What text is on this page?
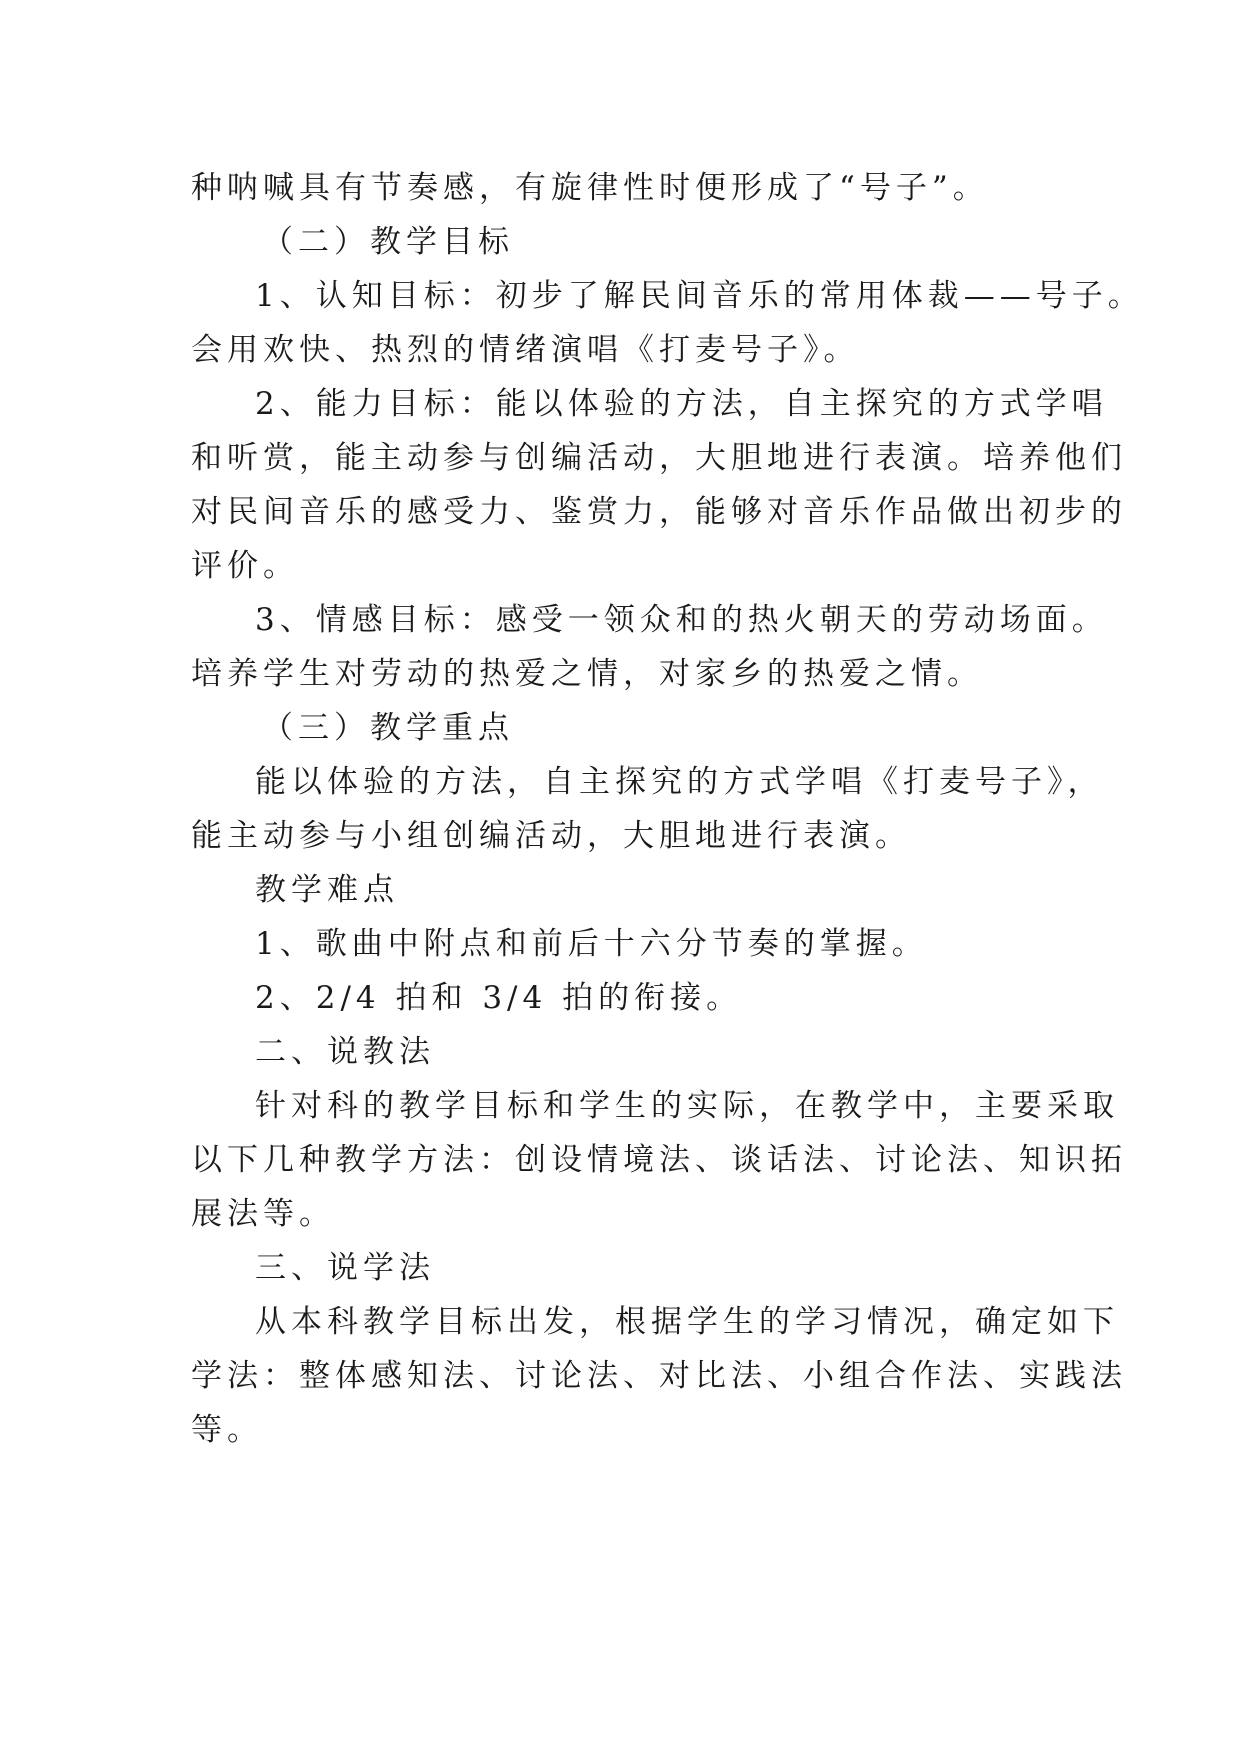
种呐喊具有节奏感，有旋律性时便形成了“号子”。
（二）教学目标
1、认知目标：初步了解民间音乐的常用体裁——号子。
会用欢快、热烈的情绪演唱《打麦号子》。
2、能力目标：能以体验的方法，自主探究的方式学唱
和听赏，能主动参与创编活动，大胆地进行表演。培养他们
对民间音乐的感受力、鉴赏力，能够对音乐作品做出初步的
评价。
3、情感目标：感受一领众和的热火朝天的劳动场面。
培养学生对劳动的热爱之情，对家乡的热爱之情。
（三）教学重点
能以体验的方法，自主探究的方式学唱《打麦号子》，
能主动参与小组创编活动，大胆地进行表演。
教学难点
1、歌曲中附点和前后十六分节奏的掌握。
2、2/4 拍和 3/4 拍的衔接。
二、说教法
针对科的教学目标和学生的实际，在教学中，主要采取
以下几种教学方法：创设情境法、谈话法、讨论法、知识拓
展法等。
三、说学法
从本科教学目标出发，根据学生的学习情况，确定如下
学法：整体感知法、讨论法、对比法、小组合作法、实践法
等。
